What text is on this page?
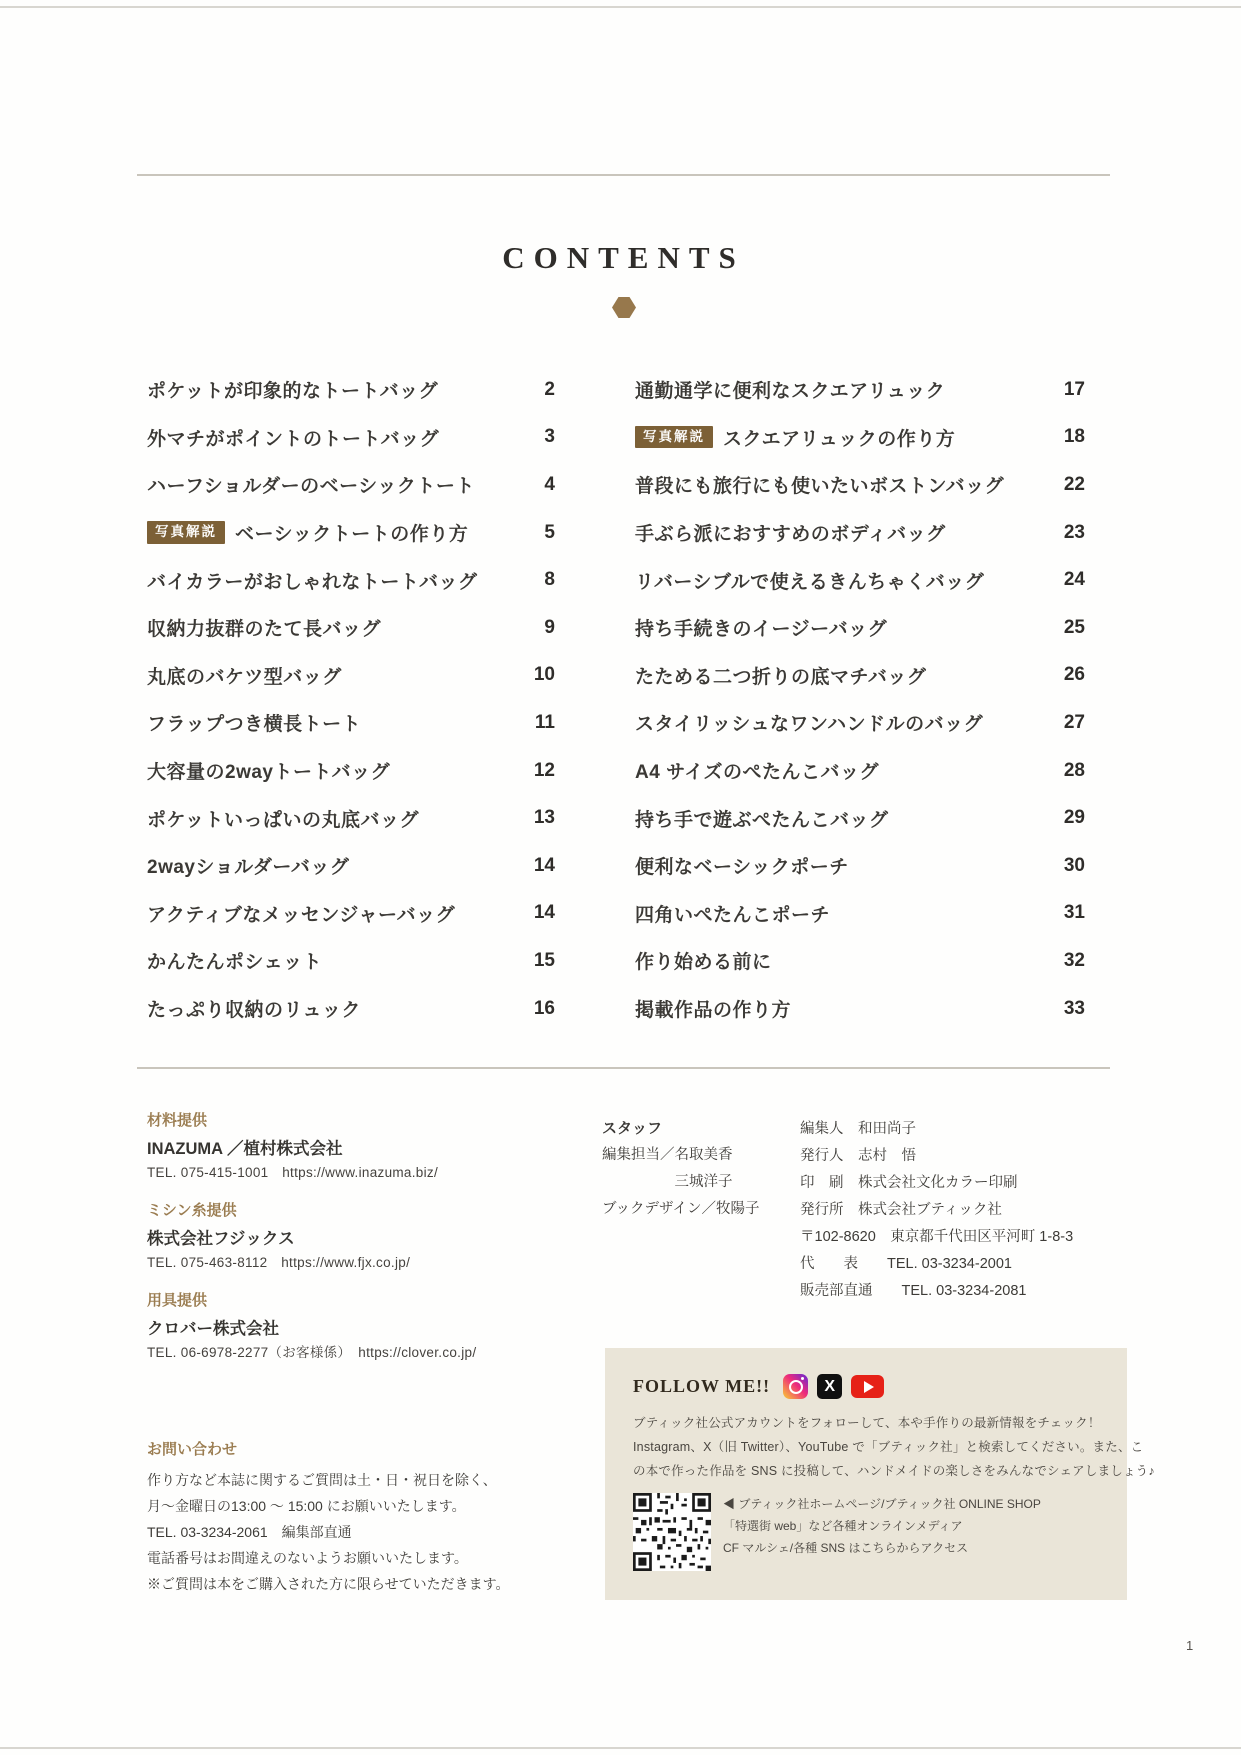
CONTENTS
ポケットが印象的なトートバッグ	2
外マチがポイントのトートバッグ	3
ハーフショルダーのベーシックトート	4
写真解説 ベーシックトートの作り方	5
バイカラーがおしゃれなトートバッグ	8
収納力抜群のたて長バッグ	9
丸底のバケツ型バッグ	10
フラップつき横長トート	11
大容量の2wayトートバッグ	12
ポケットいっぱいの丸底バッグ	13
2wayショルダーバッグ	14
アクティブなメッセンジャーバッグ	14
かんたんポシェット	15
たっぷり収納のリュック	16
通勤通学に便利なスクエアリュック	17
写真解説 スクエアリュックの作り方	18
普段にも旅行にも使いたいボストンバッグ	22
手ぶら派におすすめのボディバッグ	23
リバーシブルで使えるきんちゃくバッグ	24
持ち手続きのイージーバッグ	25
たためる二つ折りの底マチバッグ	26
スタイリッシュなワンハンドルのバッグ	27
A4 サイズのぺたんこバッグ	28
持ち手で遊ぶぺたんこバッグ	29
便利なベーシックポーチ	30
四角いぺたんこポーチ	31
作り始める前に	32
掲載作品の作り方	33
材料提供
INAZUMA ／植村株式会社
TEL. 075-415-1001　https://www.inazuma.biz/
ミシン糸提供
株式会社フジックス
TEL. 075-463-8112　https://www.fjx.co.jp/
用具提供
クロバー株式会社
TEL. 06-6978-2277（お客様係）　https://clover.co.jp/
お問い合わせ
作り方など本誌に関するご質問は土・日・祝日を除く、
月～金曜日の13:00 ～ 15:00 にお願いいたします。
TEL. 03-3234-2061　編集部直通
電話番号はお間違えのないようお願いいたします。
※ご質問は本をご購入された方に限らせていただきます。
スタッフ
編集担当／名取美香
　　　　　三城洋子
ブックデザイン／牧陽子
編集人　和田尚子
発行人　志村　悟
印　刷　株式会社文化カラー印刷
発行所　株式会社ブティック社
〒102-8620　東京都千代田区平河町 1-8-3
代　　表　　TEL. 03-3234-2001
販売部直通　　TEL. 03-3234-2081
FOLLOW ME!!
X
ブティック社公式アカウントをフォローして、本や手作りの最新情報をチェック！
Instagram、X（旧 Twitter）、YouTube で「ブティック社」と検索してください。また、こ
の本で作った作品を SNS に投稿して、ハンドメイドの楽しさをみんなでシェアしましょう♪
◀ ブティック社ホームページ/ブティック社 ONLINE SHOP
「特選街 web」など各種オンラインメディア
CF マルシェ/各種 SNS はこちらからアクセス
1
